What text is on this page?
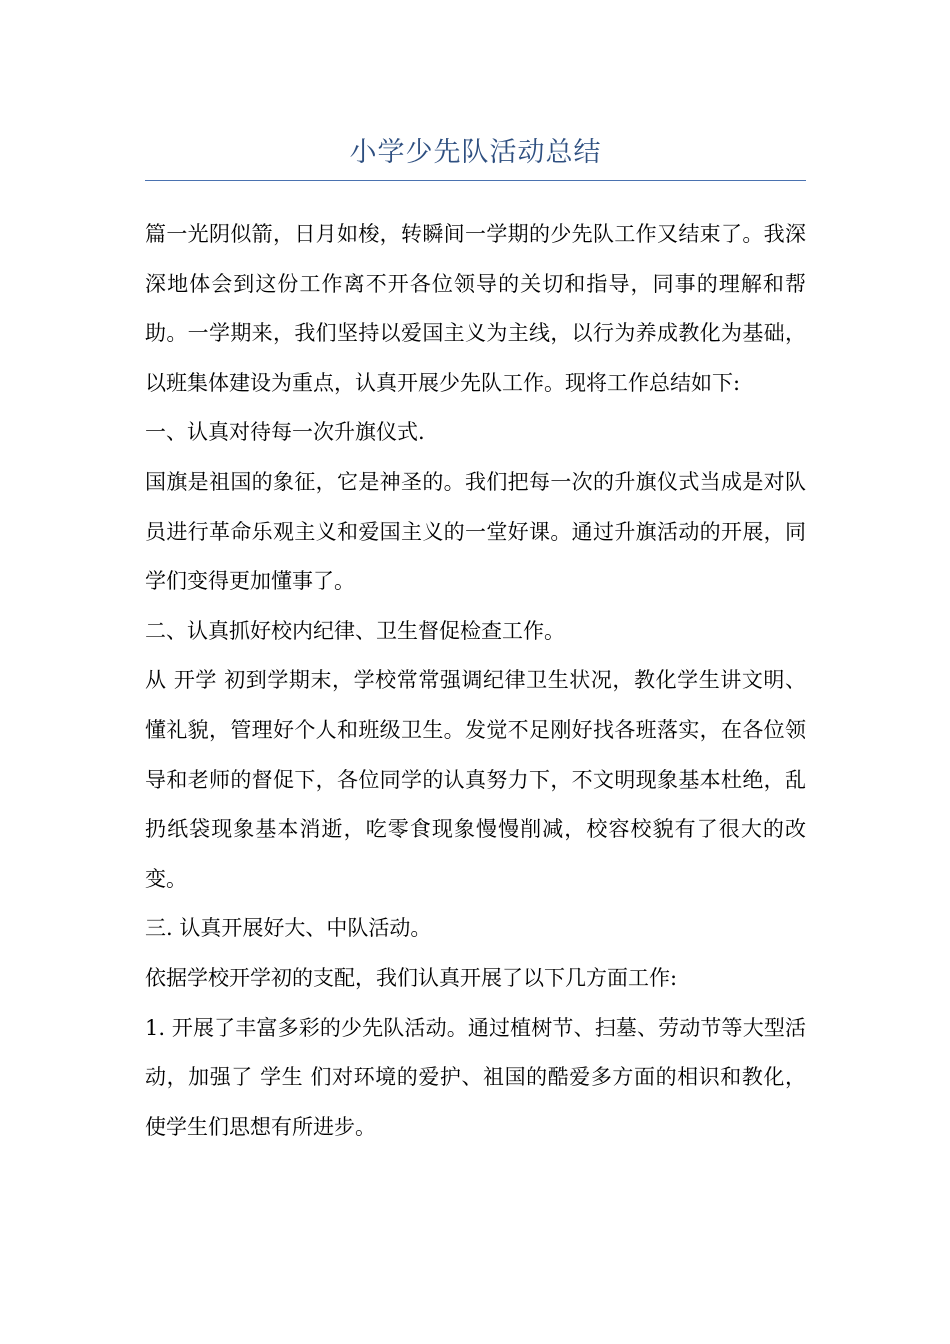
小学少先队活动总结

篇一光阴似箭，日月如梭，转瞬间一学期的少先队工作又结束了。我深深地体会到这份工作离不开各位领导的关切和指导，同事的理解和帮助。一学期来，我们坚持以爱国主义为主线，以行为养成教化为基础，以班集体建设为重点，认真开展少先队工作。现将工作总结如下:

一、认真对待每一次升旗仪式.

国旗是祖国的象征，它是神圣的。我们把每一次的升旗仪式当成是对队员进行革命乐观主义和爱国主义的一堂好课。通过升旗活动的开展，同学们变得更加懂事了。

二、认真抓好校内纪律、卫生督促检查工作。

从 开学 初到学期末，学校常常强调纪律卫生状况，教化学生讲文明、懂礼貌，管理好个人和班级卫生。发觉不足刚好找各班落实，在各位领导和老师的督促下，各位同学的认真努力下，不文明现象基本杜绝，乱扔纸袋现象基本消逝，吃零食现象慢慢削减，校容校貌有了很大的改变。

三. 认真开展好大、中队活动。

依据学校开学初的支配，我们认真开展了以下几方面工作:

1. 开展了丰富多彩的少先队活动。通过植树节、扫墓、劳动节等大型活动，加强了 学生 们对环境的爱护、祖国的酷爱多方面的相识和教化，使学生们思想有所进步。
